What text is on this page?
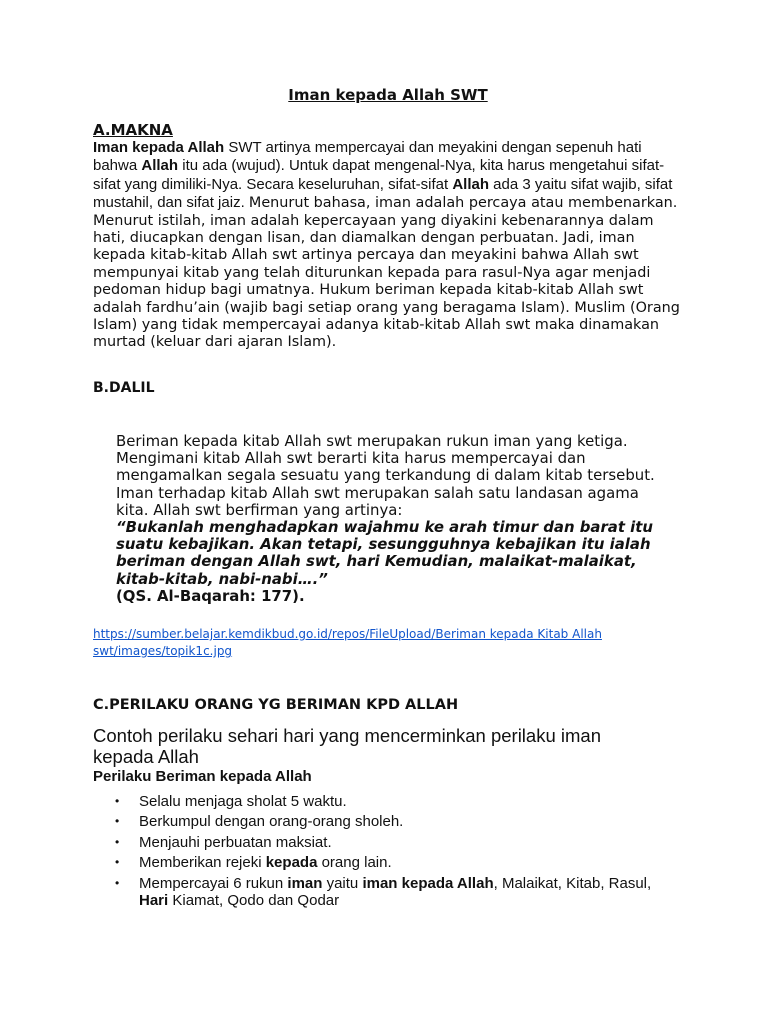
Iman kepada Allah SWT
A.MAKNA
Iman kepada Allah SWT artinya mempercayai dan meyakini dengan sepenuh hati bahwa Allah itu ada (wujud). Untuk dapat mengenal-Nya, kita harus mengetahui sifat-sifat yang dimiliki-Nya. Secara keseluruhan, sifat-sifat Allah ada 3 yaitu sifat wajib, sifat mustahil, dan sifat jaiz. Menurut bahasa, iman adalah percaya atau membenarkan. Menurut istilah, iman adalah kepercayaan yang diyakini kebenarannya dalam hati, diucapkan dengan lisan, dan diamalkan dengan perbuatan. Jadi, iman kepada kitab-kitab Allah swt artinya percaya dan meyakini bahwa Allah swt mempunyai kitab yang telah diturunkan kepada para rasul-Nya agar menjadi pedoman hidup bagi umatnya. Hukum beriman kepada kitab-kitab Allah swt adalah fardhu’ain (wajib bagi setiap orang yang beragama Islam). Muslim (Orang Islam) yang tidak mempercayai adanya kitab-kitab Allah swt maka dinamakan murtad (keluar dari ajaran Islam).
B.DALIL

Beriman kepada kitab Allah swt merupakan rukun iman yang ketiga. Mengimani kitab Allah swt berarti kita harus mempercayai dan mengamalkan segala sesuatu yang terkandung di dalam kitab tersebut.

Iman terhadap kitab Allah swt merupakan salah satu landasan agama kita. Allah swt berfirman yang artinya:

“Bukanlah menghadapkan wajahmu ke arah timur dan barat itu suatu kebajikan. Akan tetapi, sesungguhnya kebajikan itu ialah beriman dengan Allah swt, hari Kemudian, malaikat-malaikat, kitab-kitab, nabi-nabi….”

(QS. Al-Baqarah: 177).

https://sumber.belajar.kemdikbud.go.id/repos/FileUpload/Beriman kepada Kitab Allah swt/images/topik1c.jpg
C.PERILAKU ORANG YG BERIMAN KPD ALLAH
Contoh perilaku sehari hari yang mencerminkan perilaku iman kepada Allah
Perilaku Beriman kepada Allah
• Selalu menjaga sholat 5 waktu.
• Berkumpul dengan orang-orang sholeh.
• Menjauhi perbuatan maksiat.
• Memberikan rejeki kepada orang lain.
• Mempercayai 6 rukun iman yaitu iman kepada Allah, Malaikat, Kitab, Rasul, Hari Kiamat, Qodo dan Qodar
